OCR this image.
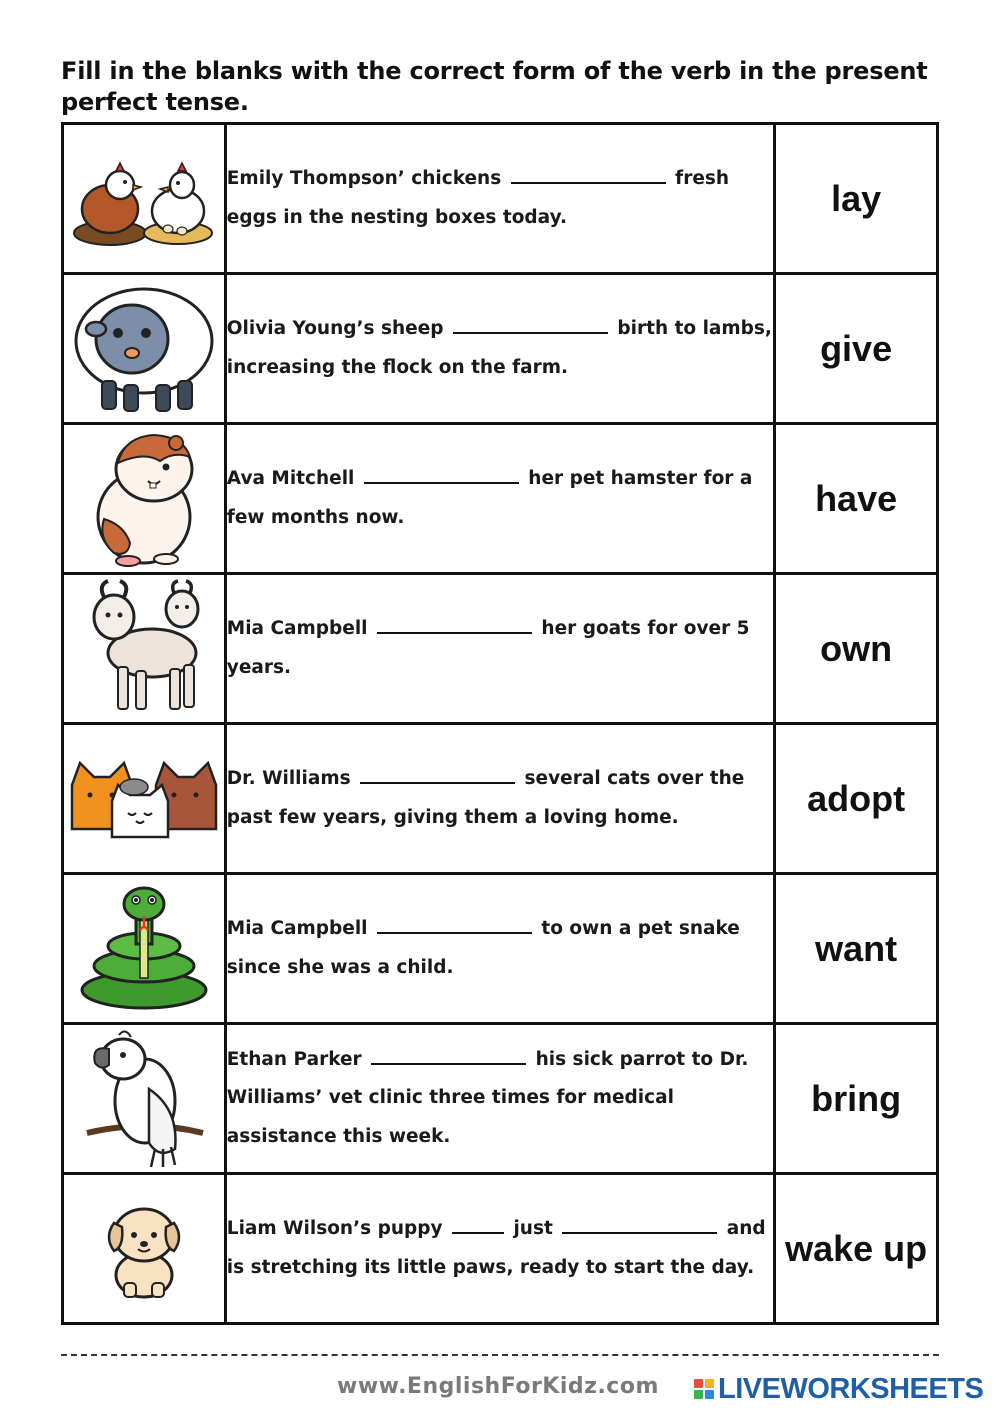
Fill in the blanks with the correct form of the verb in the present perfect tense.
	Emily Thompson’ chickens fresh eggs in the nesting boxes today.	lay

	Olivia Young’s sheep birth to lambs, increasing the flock on the farm.	give

	Ava Mitchell her pet hamster for a few months now.	have

	Mia Campbell her goats for over 5 years.	own

	Dr. Williams several cats over the past few years, giving them a loving home.	adopt

	Mia Campbell to own a pet snake since she was a child.	want

	Ethan Parker his sick parrot to Dr. Williams’ vet clinic three times for medical assistance this week.	bring

	Liam Wilson’s puppy just and is stretching its little paws, ready to start the day.	wake up
www.EnglishForKidz.com LIVEWORKSHEETS
